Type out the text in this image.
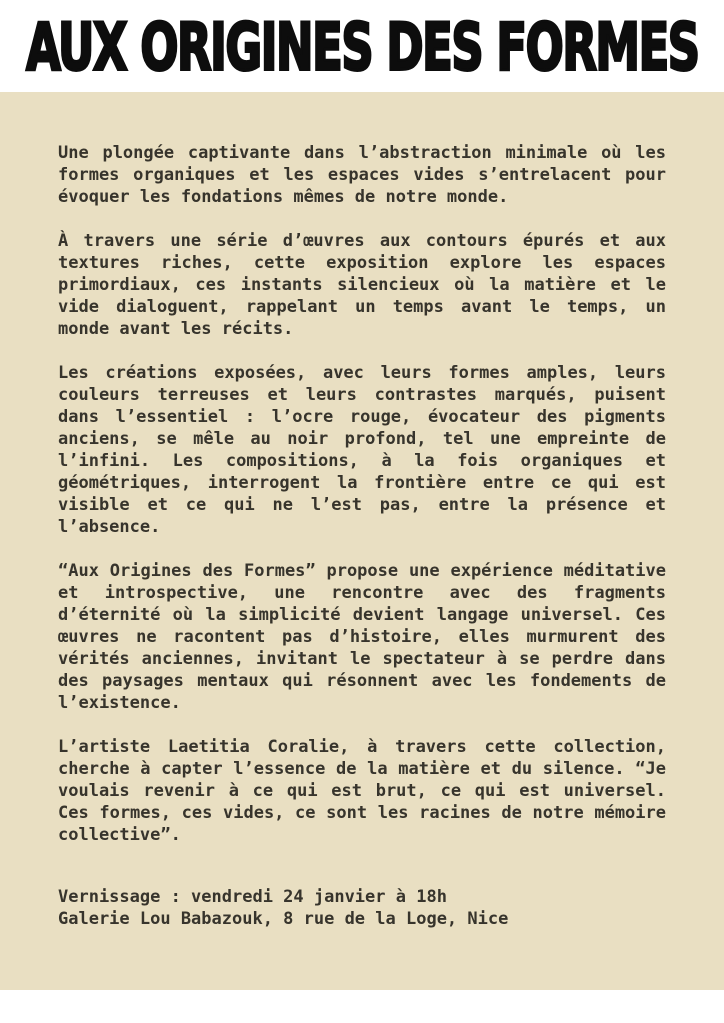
AUX ORIGINES DES FORMES

Une plongée captivante dans l’abstraction minimale où les formes organiques et les espaces vides s’entrelacent pour évoquer les fondations mêmes de notre monde.

À travers une série d’œuvres aux contours épurés et aux textures riches, cette exposition explore les espaces primordiaux, ces instants silencieux où la matière et le vide dialoguent, rappelant un temps avant le temps, un monde avant les récits.

Les créations exposées, avec leurs formes amples, leurs couleurs terreuses et leurs contrastes marqués, puisent dans l’essentiel : l’ocre rouge, évocateur des pigments anciens, se mêle au noir profond, tel une empreinte de l’infini. Les compositions, à la fois organiques et géométriques, interrogent la frontière entre ce qui est visible et ce qui ne l’est pas, entre la présence et l’absence.

“Aux Origines des Formes” propose une expérience méditative et introspective, une rencontre avec des fragments d’éternité où la simplicité devient langage universel. Ces œuvres ne racontent pas d’histoire, elles murmurent des vérités anciennes, invitant le spectateur à se perdre dans des paysages mentaux qui résonnent avec les fondements de l’existence.

L’artiste Laetitia Coralie, à travers cette collection, cherche à capter l’essence de la matière et du silence. “Je voulais revenir à ce qui est brut, ce qui est universel. Ces formes, ces vides, ce sont les racines de notre mémoire collective”.

Vernissage : vendredi 24 janvier à 18h

Galerie Lou Babazouk, 8 rue de la Loge, Nice
